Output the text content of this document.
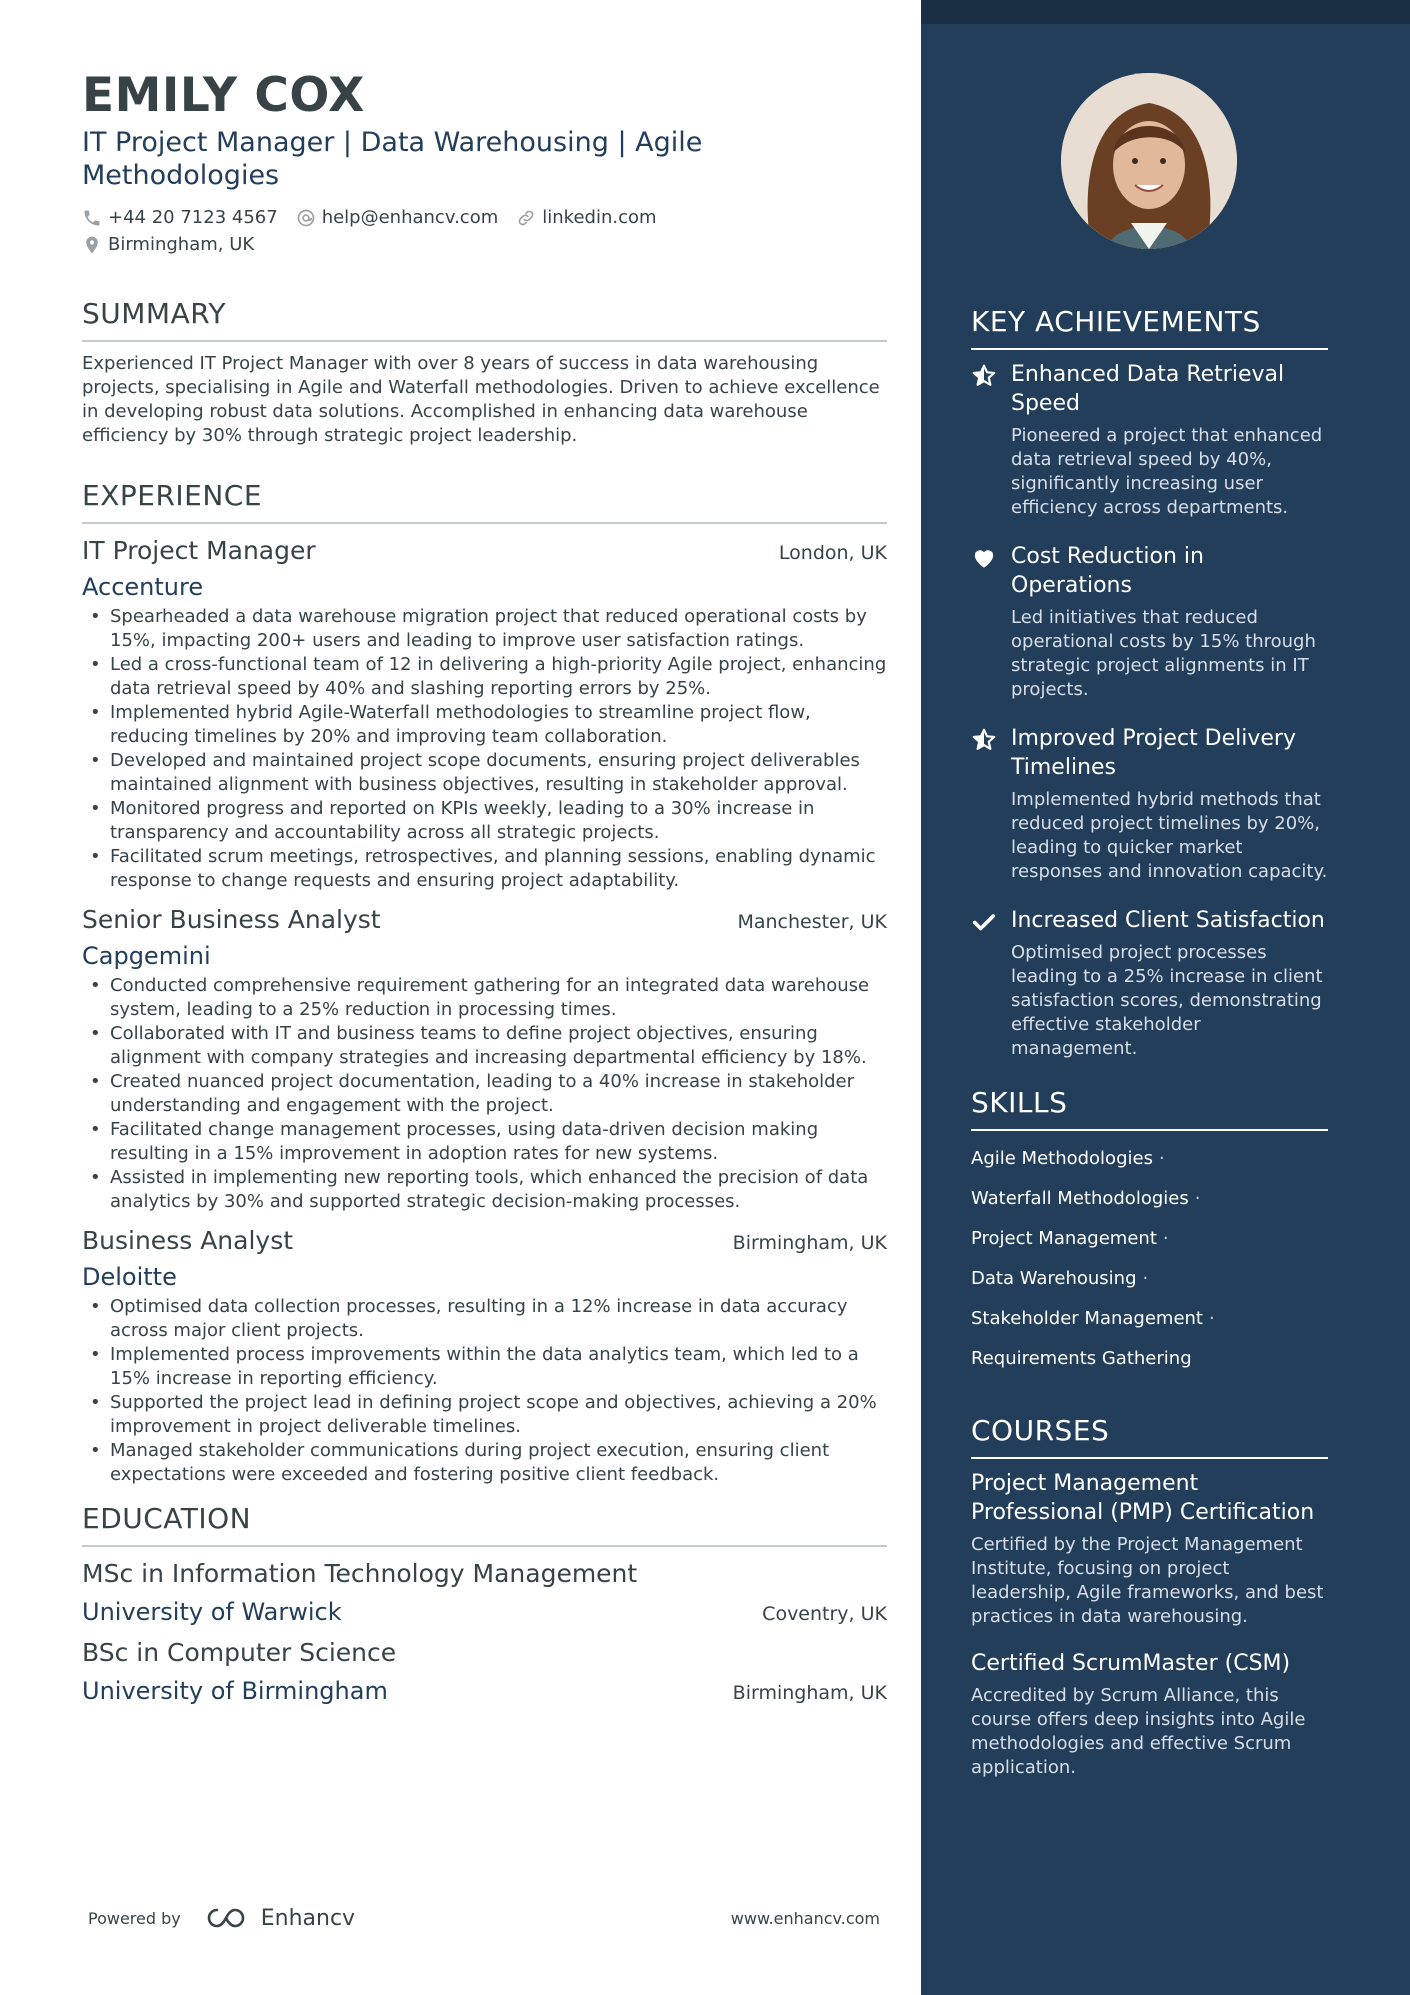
EMILY COX
IT Project Manager | Data Warehousing | Agile Methodologies
+44 20 7123 4567 help@enhancv.com linkedin.com
Birmingham, UK
SUMMARY

Experienced IT Project Manager with over 8 years of success in data warehousing projects, specialising in Agile and Waterfall methodologies. Driven to achieve excellence in developing robust data solutions. Accomplished in enhancing data warehouse efficiency by 30% through strategic project leadership.

EXPERIENCE
IT Project Manager	London, UK
Accenture
• Spearheaded a data warehouse migration project that reduced operational costs by 15%, impacting 200+ users and leading to improve user satisfaction ratings.
• Led a cross-functional team of 12 in delivering a high-priority Agile project, enhancing data retrieval speed by 40% and slashing reporting errors by 25%.
• Implemented hybrid Agile-Waterfall methodologies to streamline project flow, reducing timelines by 20% and improving team collaboration.
• Developed and maintained project scope documents, ensuring project deliverables maintained alignment with business objectives, resulting in stakeholder approval.
• Monitored progress and reported on KPIs weekly, leading to a 30% increase in transparency and accountability across all strategic projects.
• Facilitated scrum meetings, retrospectives, and planning sessions, enabling dynamic response to change requests and ensuring project adaptability.
Senior Business Analyst	Manchester, UK
Capgemini
• Conducted comprehensive requirement gathering for an integrated data warehouse system, leading to a 25% reduction in processing times.
• Collaborated with IT and business teams to define project objectives, ensuring alignment with company strategies and increasing departmental efficiency by 18%.
• Created nuanced project documentation, leading to a 40% increase in stakeholder understanding and engagement with the project.
• Facilitated change management processes, using data-driven decision making resulting in a 15% improvement in adoption rates for new systems.
• Assisted in implementing new reporting tools, which enhanced the precision of data analytics by 30% and supported strategic decision-making processes.
Business Analyst	Birmingham, UK
Deloitte
• Optimised data collection processes, resulting in a 12% increase in data accuracy across major client projects.
• Implemented process improvements within the data analytics team, which led to a 15% increase in reporting efficiency.
• Supported the project lead in defining project scope and objectives, achieving a 20% improvement in project deliverable timelines.
• Managed stakeholder communications during project execution, ensuring client expectations were exceeded and fostering positive client feedback.
EDUCATION
MSc in Information Technology Management
University of Warwick	Coventry, UK
BSc in Computer Science
University of Birmingham	Birmingham, UK
Powered by	Enhancv	www.enhancv.com
KEY ACHIEVEMENTS
Enhanced Data Retrieval Speed
Pioneered a project that enhanced data retrieval speed by 40%, significantly increasing user efficiency across departments.
Cost Reduction in Operations
Led initiatives that reduced operational costs by 15% through strategic project alignments in IT projects.
Improved Project Delivery Timelines
Implemented hybrid methods that reduced project timelines by 20%, leading to quicker market responses and innovation capacity.
Increased Client Satisfaction
Optimised project processes leading to a 25% increase in client satisfaction scores, demonstrating effective stakeholder management.
SKILLS
Agile Methodologies ·
Waterfall Methodologies ·
Project Management ·
Data Warehousing ·
Stakeholder Management ·
Requirements Gathering
COURSES
Project Management Professional (PMP) Certification
Certified by the Project Management Institute, focusing on project leadership, Agile frameworks, and best practices in data warehousing.
Certified ScrumMaster (CSM)
Accredited by Scrum Alliance, this course offers deep insights into Agile methodologies and effective Scrum application.
